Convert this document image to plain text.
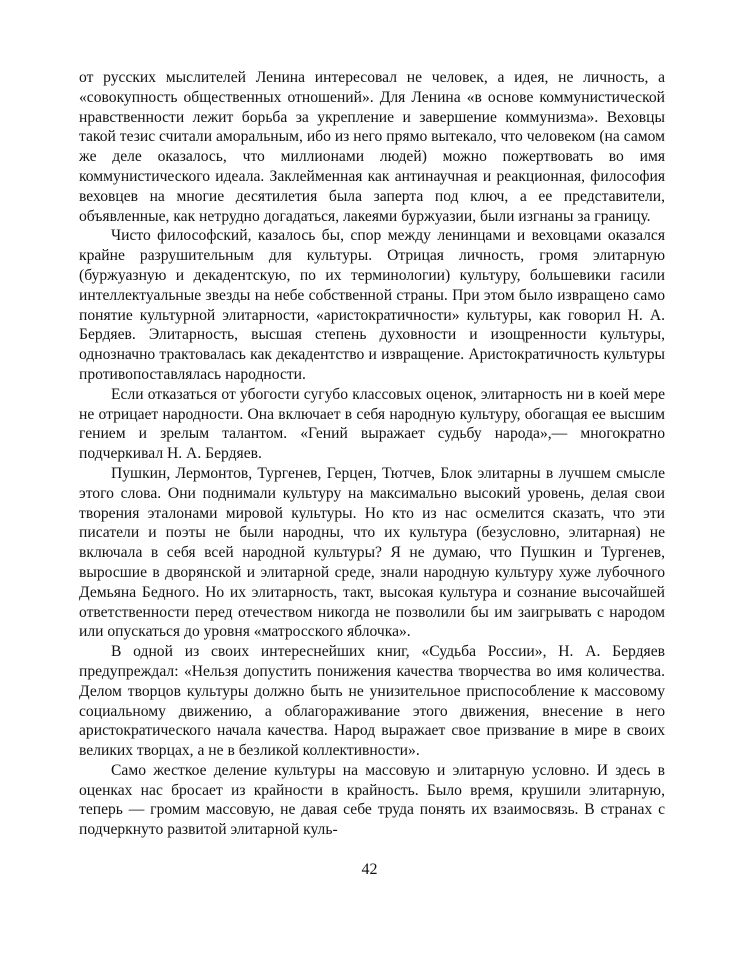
от русских мыслителей Ленина интересовал не человек, а идея, не личность, а «совокупность общественных отношений». Для Ленина «в основе коммунистической нравственности лежит борьба за укрепление и завершение коммунизма». Веховцы такой тезис считали аморальным, ибо из него прямо вытекало, что человеком (на самом же деле оказалось, что миллионами людей) можно пожертвовать во имя коммунистического идеала. Заклейменная как антинаучная и реакционная, философия веховцев на многие десятилетия была заперта под ключ, а ее представители, объявленные, как нетрудно догадаться, лакеями буржуазии, были изгнаны за границу.

Чисто философский, казалось бы, спор между ленинцами и веховцами оказался крайне разрушительным для культуры. Отрицая личность, громя элитарную (буржуазную и декадентскую, по их терминологии) культуру, большевики гасили интеллектуальные звезды на небе собственной страны. При этом было извращено само понятие культурной элитарности, «аристократичности» культуры, как говорил Н. А. Бердяев. Элитарность, высшая степень духовности и изощренности культуры, однозначно трактовалась как декадентство и извращение. Аристократичность культуры противопоставлялась народности.

Если отказаться от убогости сугубо классовых оценок, элитарность ни в коей мере не отрицает народности. Она включает в себя народную культуру, обогащая ее высшим гением и зрелым талантом. «Гений выражает судьбу народа»,— многократно подчеркивал Н. А. Бердяев.

Пушкин, Лермонтов, Тургенев, Герцен, Тютчев, Блок элитарны в лучшем смысле этого слова. Они поднимали культуру на максимально высокий уровень, делая свои творения эталонами мировой культуры. Но кто из нас осмелится сказать, что эти писатели и поэты не были народны, что их культура (безусловно, элитарная) не включала в себя всей народной культуры? Я не думаю, что Пушкин и Тургенев, выросшие в дворянской и элитарной среде, знали народную культуру хуже лубочного Демьяна Бедного. Но их элитарность, такт, высокая культура и сознание высочайшей ответственности перед отечеством никогда не позволили бы им заигрывать с народом или опускаться до уровня «матросского яблочка».

В одной из своих интереснейших книг, «Судьба России», Н. А. Бердяев предупреждал: «Нельзя допустить понижения качества творчества во имя количества. Делом творцов культуры должно быть не унизительное приспособление к массовому социальному движению, а облагораживание этого движения, внесение в него аристократического начала качества. Народ выражает свое призвание в мире в своих великих творцах, а не в безликой коллективности».

Само жесткое деление культуры на массовую и элитарную условно. И здесь в оценках нас бросает из крайности в крайность. Было время, крушили элитарную, теперь — громим массовую, не давая себе труда понять их взаимосвязь. В странах с подчеркнуто развитой элитарной куль-

42
